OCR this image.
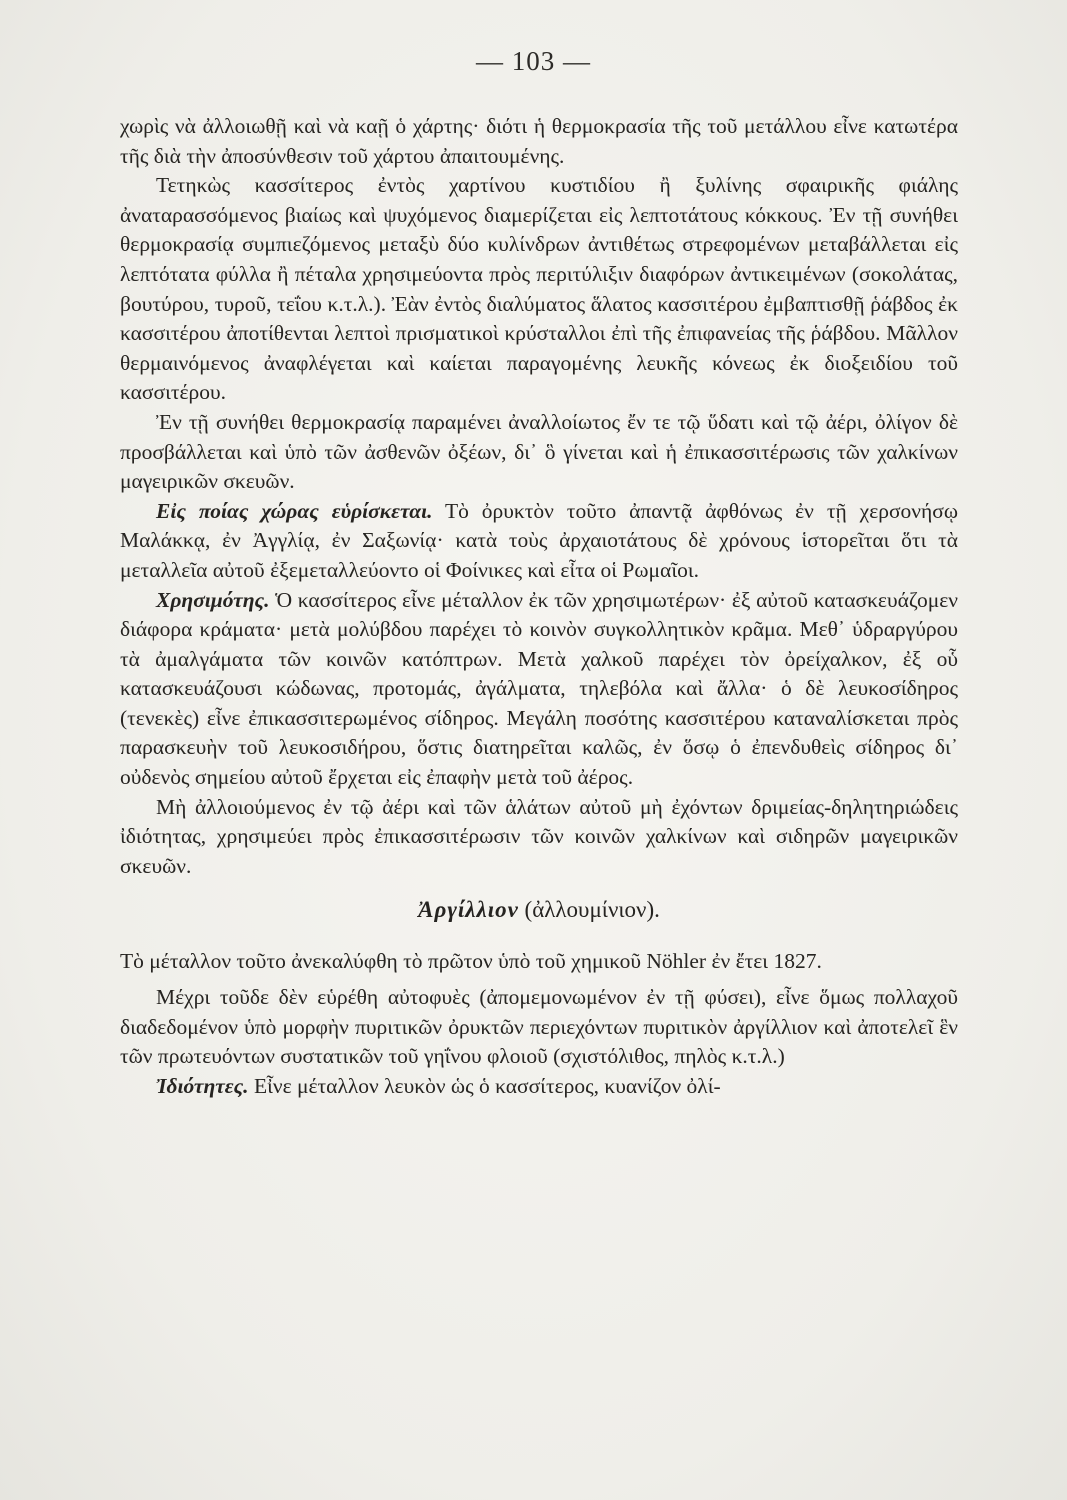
— 103 —

χωρὶς νὰ ἀλλοιωθῇ καὶ νὰ καῇ ὁ χάρτης· διότι ἡ θερμοκρασία τῆς τοῦ μετάλλου εἶνε κατωτέρα τῆς διὰ τὴν ἀποσύνθεσιν τοῦ χάρτου ἀπαιτουμένης.

Τετηκὼς κασσίτερος ἐντὸς χαρτίνου κυστιδίου ἢ ξυλίνης σφαιρικῆς φιάλης ἀναταρασσόμενος βιαίως καὶ ψυχόμενος διαμερίζεται εἰς λεπτοτάτους κόκκους. Ἐν τῇ συνήθει θερμοκρασίᾳ συμπιεζόμενος μεταξὺ δύο κυλίνδρων ἀντιθέτως στρεφομένων μεταβάλλεται εἰς λεπτότατα φύλλα ἢ πέταλα χρησιμεύοντα πρὸς περιτύλιξιν διαφόρων ἀντικειμένων (σοκολάτας, βουτύρου, τυροῦ, τεΐου κ.τ.λ.). Ἐὰν ἐντὸς διαλύματος ἅλατος κασσιτέρου ἐμβαπτισθῇ ῥάβδος ἐκ κασσιτέρου ἀποτίθενται λεπτοὶ πρισματικοὶ κρύσταλλοι ἐπὶ τῆς ἐπιφανείας τῆς ῥάβδου. Μᾶλλον θερμαινόμενος ἀναφλέγεται καὶ καίεται παραγομένης λευκῆς κόνεως ἐκ διοξειδίου τοῦ κασσιτέρου.

Ἐν τῇ συνήθει θερμοκρασίᾳ παραμένει ἀναλλοίωτος ἔν τε τῷ ὕδατι καὶ τῷ ἀέρι, ὀλίγον δὲ προσβάλλεται καὶ ὑπὸ τῶν ἀσθενῶν ὀξέων, δι᾽ ὃ γίνεται καὶ ἡ ἐπικασσιτέρωσις τῶν χαλκίνων μαγειρικῶν σκευῶν.

Εἰς ποίας χώρας εὑρίσκεται. Τὸ ὀρυκτὸν τοῦτο ἀπαντᾷ ἀφθόνως ἐν τῇ χερσονήσῳ Μαλάκκᾳ, ἐν Ἀγγλίᾳ, ἐν Σαξωνίᾳ· κατὰ τοὺς ἀρχαιοτάτους δὲ χρόνους ἱστορεῖται ὅτι τὰ μεταλλεῖα αὐτοῦ ἐξεμεταλλεύοντο οἱ Φοίνικες καὶ εἶτα οἱ Ρωμαῖοι.

Χρησιμότης. Ὁ κασσίτερος εἶνε μέταλλον ἐκ τῶν χρησιμωτέρων· ἐξ αὐτοῦ κατασκευάζομεν διάφορα κράματα· μετὰ μολύβδου παρέχει τὸ κοινὸν συγκολλητικὸν κρᾶμα. Μεθ᾽ ὑδραργύρου τὰ ἀμαλγάματα τῶν κοινῶν κατόπτρων. Μετὰ χαλκοῦ παρέχει τὸν ὀρείχαλκον, ἐξ οὗ κατασκευάζουσι κώδωνας, προτομάς, ἀγάλματα, τηλεβόλα καὶ ἄλλα· ὁ δὲ λευκοσίδηρος (τενεκὲς) εἶνε ἐπικασσιτερωμένος σίδηρος. Μεγάλη ποσότης κασσιτέρου καταναλίσκεται πρὸς παρασκευὴν τοῦ λευκοσιδήρου, ὅστις διατηρεῖται καλῶς, ἐν ὅσῳ ὁ ἐπενδυθεὶς σίδηρος δι᾽ οὐδενὸς σημείου αὐτοῦ ἔρχεται εἰς ἐπαφὴν μετὰ τοῦ ἀέρος.

Μὴ ἀλλοιούμενος ἐν τῷ ἀέρι καὶ τῶν ἁλάτων αὐτοῦ μὴ ἐχόντων δριμείας-δηλητηριώδεις ἰδιότητας, χρησιμεύει πρὸς ἐπικασσιτέρωσιν τῶν κοινῶν χαλκίνων καὶ σιδηρῶν μαγειρικῶν σκευῶν.

Ἀργίλλιον (ἀλλουμίνιον).

Τὸ μέταλλον τοῦτο ἀνεκαλύφθη τὸ πρῶτον ὑπὸ τοῦ χημικοῦ Nöhler ἐν ἔτει 1827.

Μέχρι τοῦδε δὲν εὑρέθη αὐτοφυὲς (ἀπομεμονωμένον ἐν τῇ φύσει), εἶνε ὅμως πολλαχοῦ διαδεδομένον ὑπὸ μορφὴν πυριτικῶν ὀρυκτῶν περιεχόντων πυριτικὸν ἀργίλλιον καὶ ἀποτελεῖ ἓν τῶν πρωτευόντων συστατικῶν τοῦ γηΐνου φλοιοῦ (σχιστόλιθος, πηλὸς κ.τ.λ.)

Ἰδιότητες. Εἶνε μέταλλον λευκὸν ὡς ὁ κασσίτερος, κυανίζον ὀλί-
